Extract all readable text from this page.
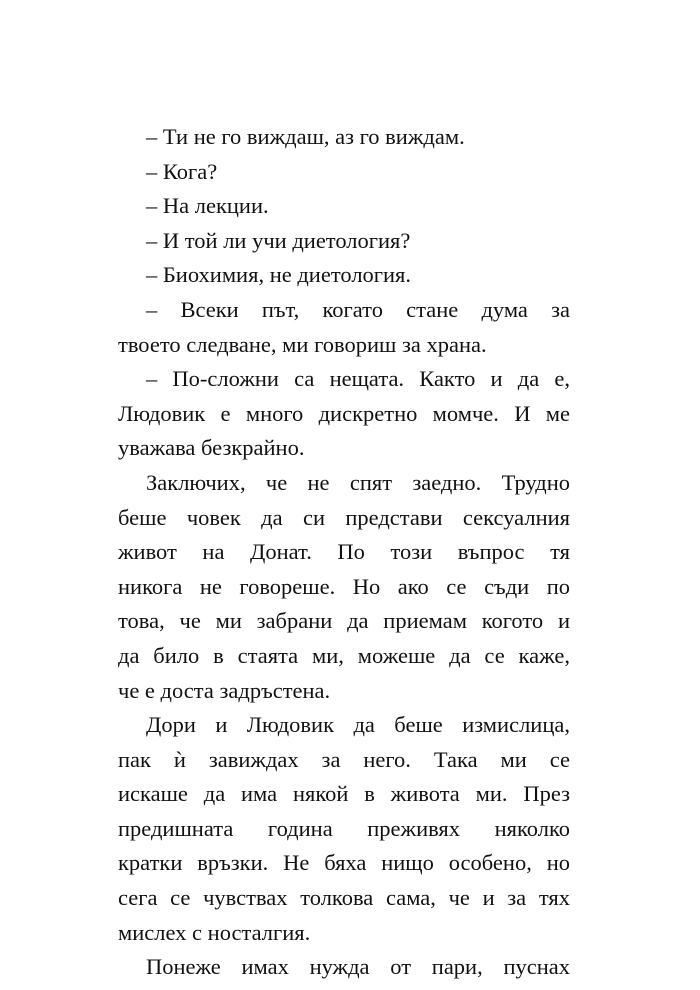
– Ти не го виждаш, аз го виждам.
– Кога?
– На лекции.
– И той ли учи диетология?
– Биохимия, не диетология.
– Всеки път, когато стане дума за
твоето следване, ми говориш за храна.
– По-сложни са нещата. Както и да е,
Людовик е много дискретно момче. И ме
уважава безкрайно.
Заключих, че не спят заедно. Трудно
беше човек да си представи сексуалния
живот на Донат. По този въпрос тя
никога не говореше. Но ако се съди по
това, че ми забрани да приемам когото и
да било в стаята ми, можеше да се каже,
че е доста задръстена.
Дори и Людовик да беше измислица,
пак ѝ завиждах за него. Така ми се
искаше да има някой в живота ми. През
предишната година преживях няколко
кратки връзки. Не бяха нищо особено, но
сега се чувствах толкова сама, че и за тях
мислех с носталгия.
Понеже имах нужда от пари, пуснах
